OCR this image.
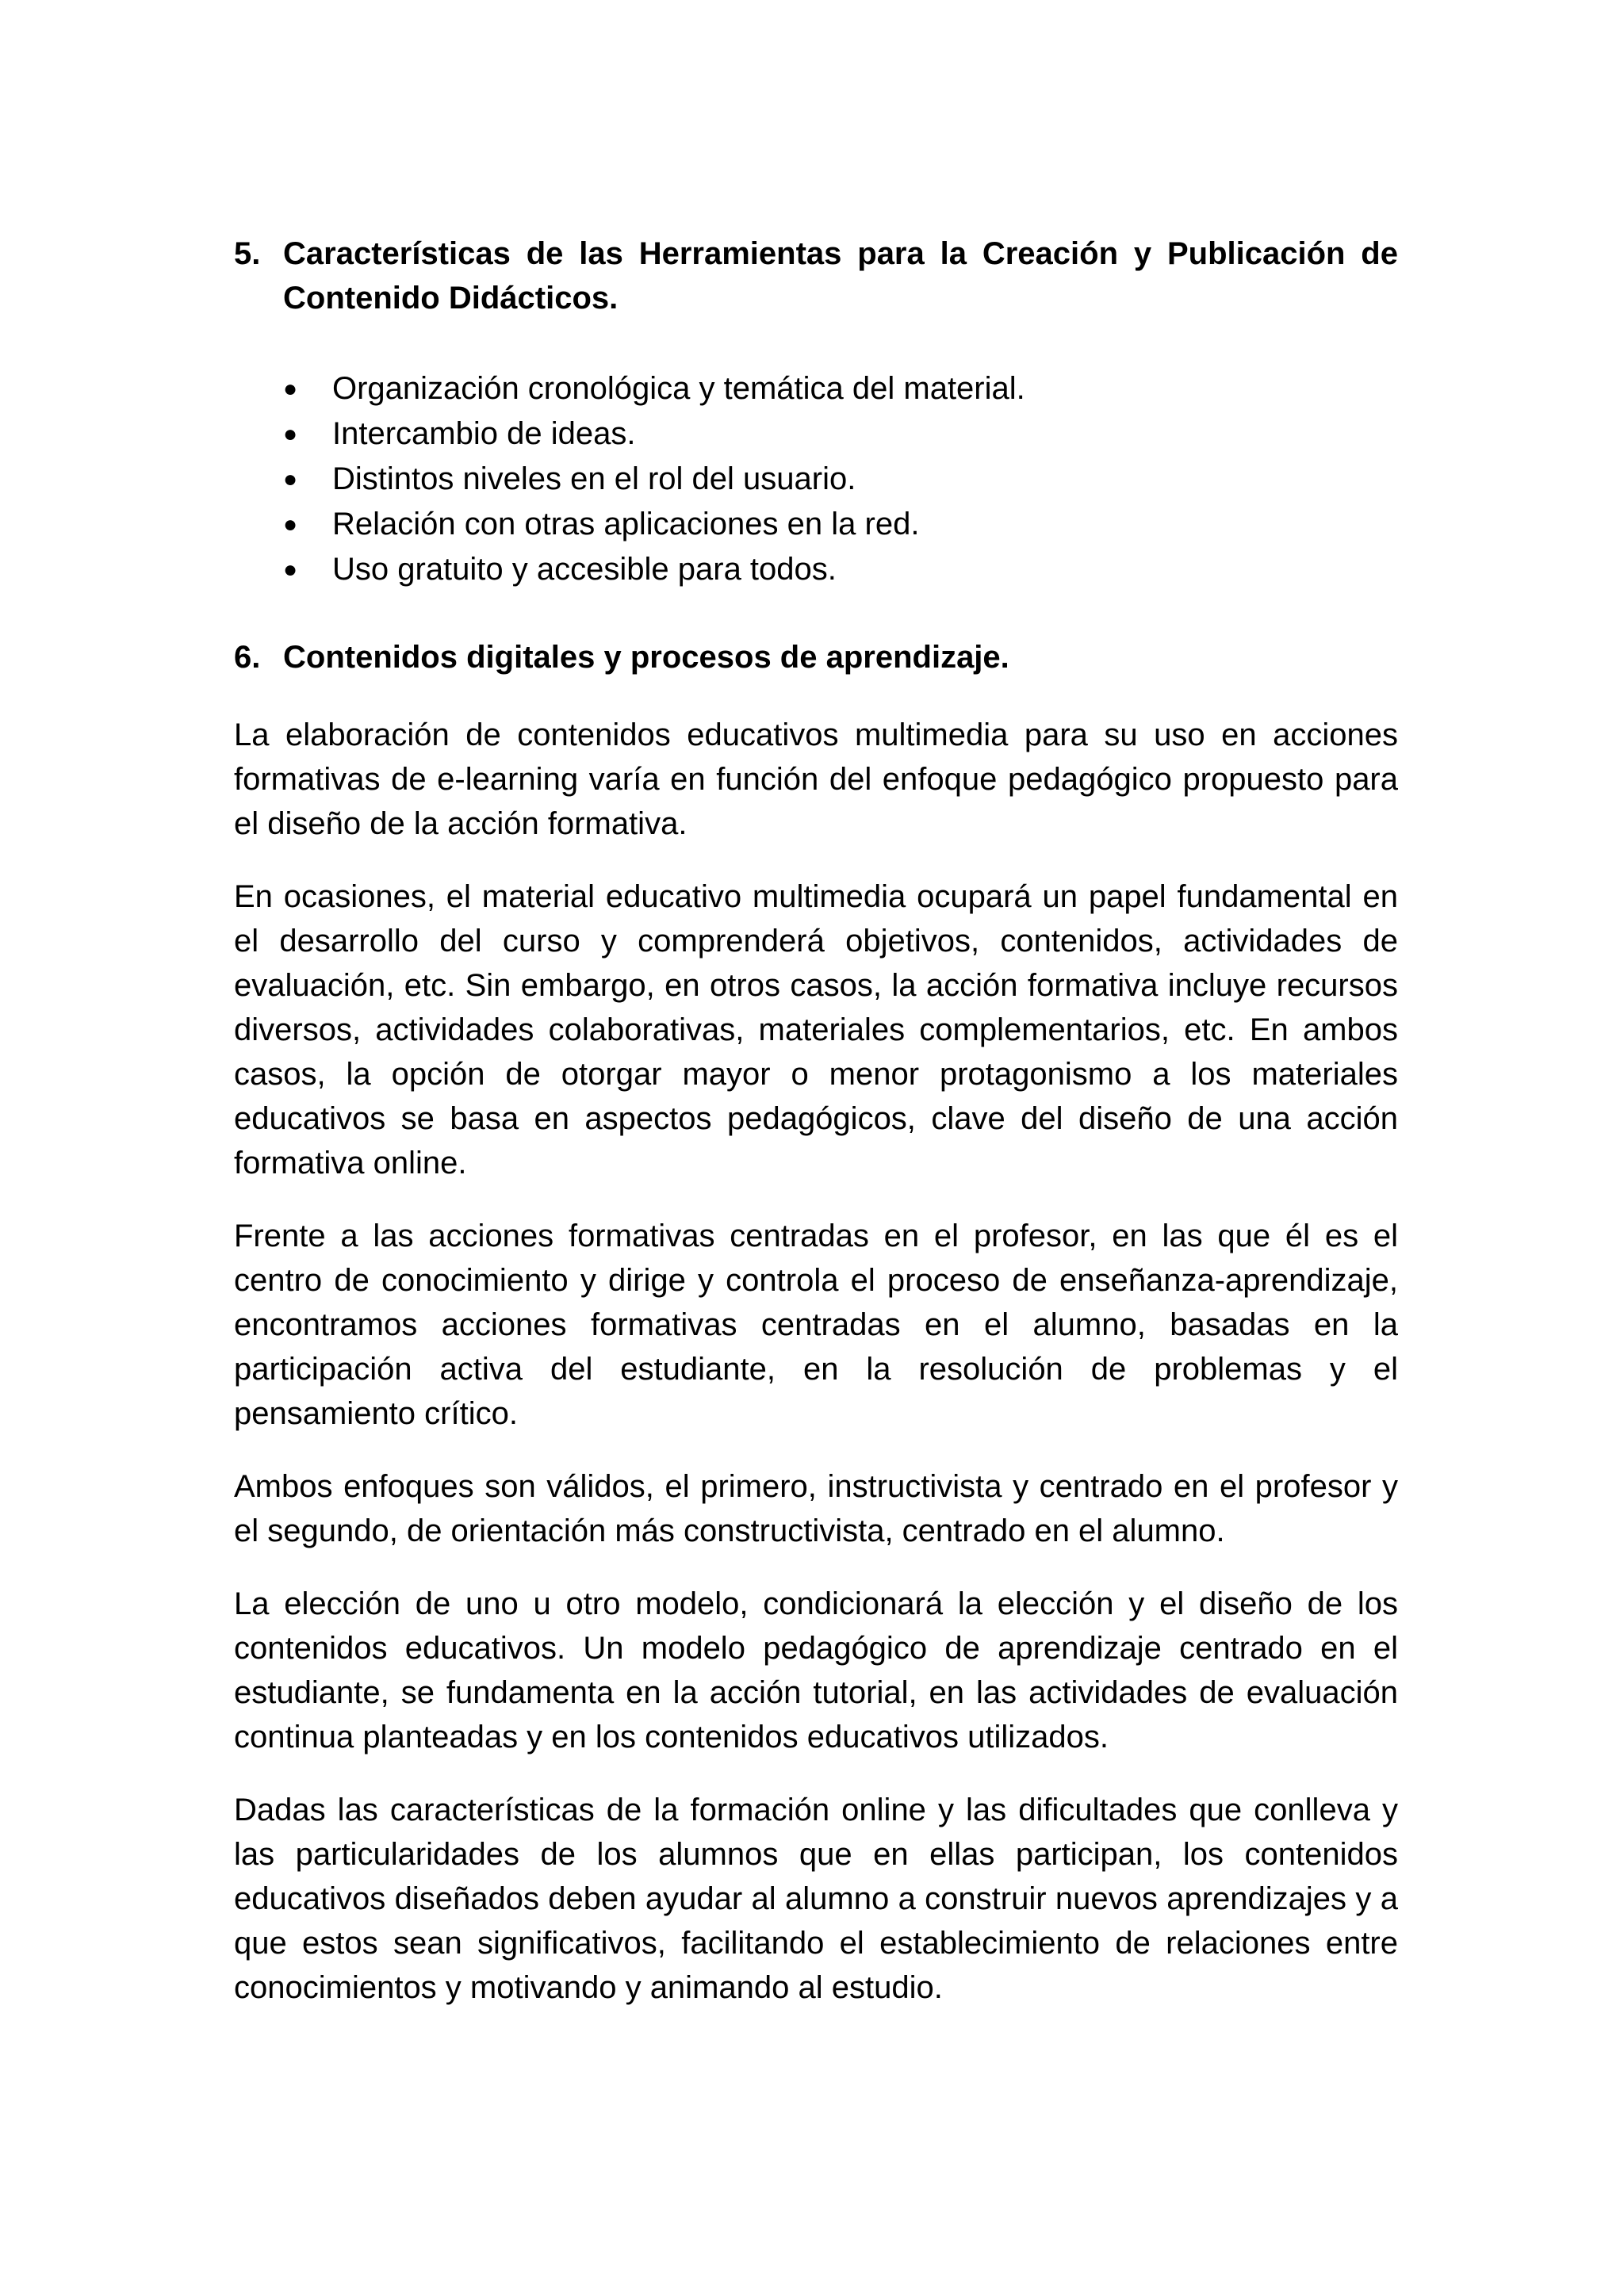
5. Características de las Herramientas para la Creación y Publicación de Contenido Didácticos.
●	Organización cronológica y temática del material.
●	Intercambio de ideas.
●	Distintos niveles en el rol del usuario.
●	Relación con otras aplicaciones en la red.
●	Uso gratuito y accesible para todos.
6. Contenidos digitales y procesos de aprendizaje.

La elaboración de contenidos educativos multimedia para su uso en acciones formativas de e-learning varía en función del enfoque pedagógico propuesto para el diseño de la acción formativa.

En ocasiones, el material educativo multimedia ocupará un papel fundamental en el desarrollo del curso y comprenderá objetivos, contenidos, actividades de evaluación, etc. Sin embargo, en otros casos, la acción formativa incluye recursos diversos, actividades colaborativas, materiales complementarios, etc. En ambos casos, la opción de otorgar mayor o menor protagonismo a los materiales educativos se basa en aspectos pedagógicos, clave del diseño de una acción formativa online.

Frente a las acciones formativas centradas en el profesor, en las que él es el centro de conocimiento y dirige y controla el proceso de enseñanza-aprendizaje, encontramos acciones formativas centradas en el alumno, basadas en la participación activa del estudiante, en la resolución de problemas y el pensamiento crítico.

Ambos enfoques son válidos, el primero, instructivista y centrado en el profesor y el segundo, de orientación más constructivista, centrado en el alumno.

La elección de uno u otro modelo, condicionará la elección y el diseño de los contenidos educativos. Un modelo pedagógico de aprendizaje centrado en el estudiante, se fundamenta en la acción tutorial, en las actividades de evaluación continua planteadas y en los contenidos educativos utilizados.

Dadas las características de la formación online y las dificultades que conlleva y las particularidades de los alumnos que en ellas participan, los contenidos educativos diseñados deben ayudar al alumno a construir nuevos aprendizajes y a que estos sean significativos, facilitando el establecimiento de relaciones entre conocimientos y motivando y animando al estudio.
